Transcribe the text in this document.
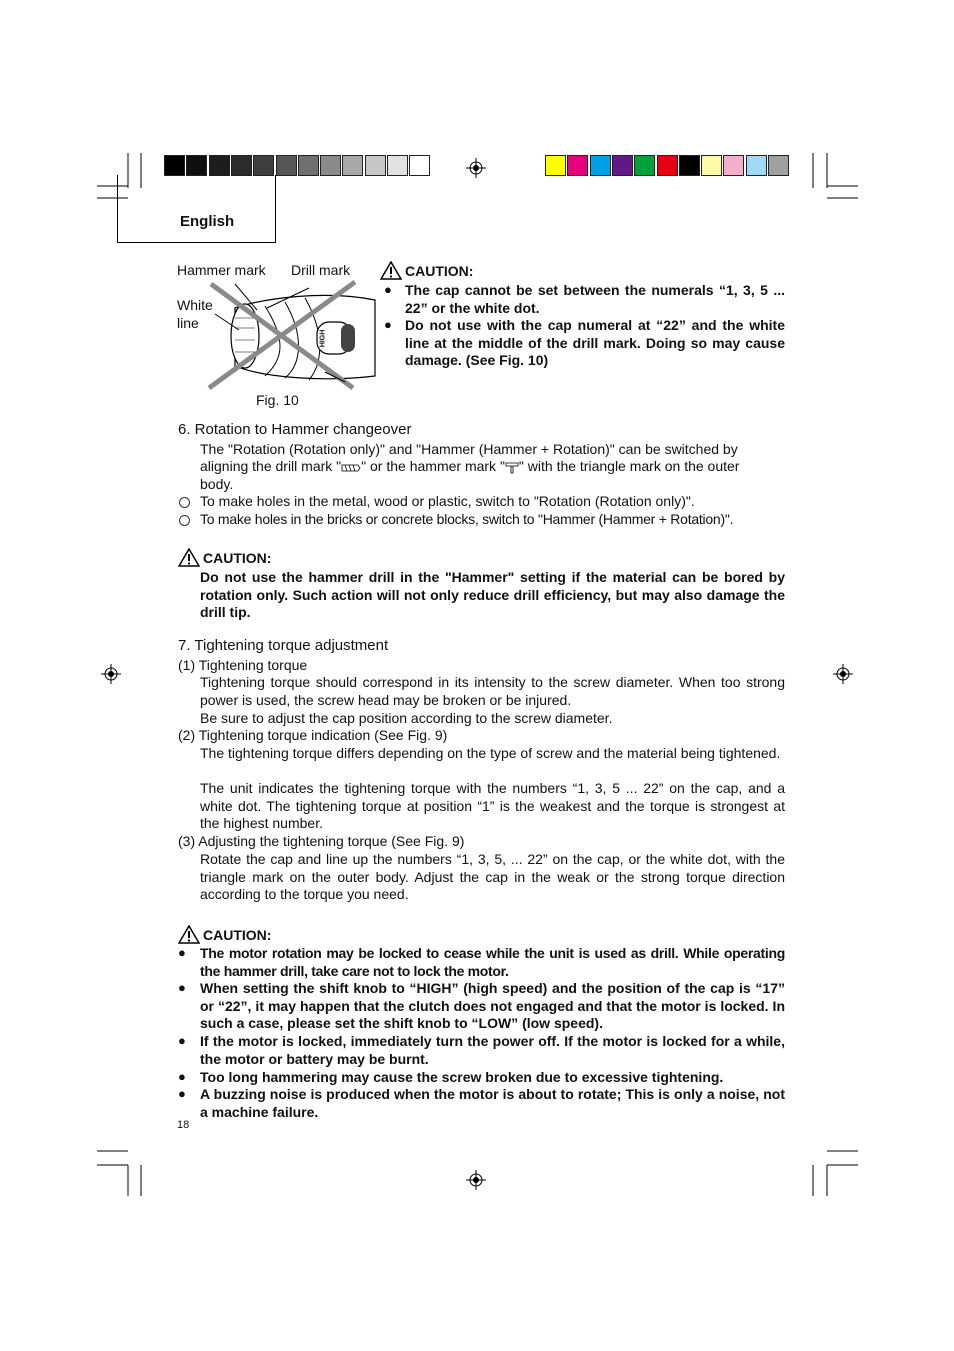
English
Hammer mark Drill mark
White
line
HIGH
Fig. 10
CAUTION:
● The cap cannot be set between the numerals “1, 3, 5 ... 22” or the white dot.
● Do not use with the cap numeral at “22” and the white line at the middle of the drill mark. Doing so may cause damage. (See Fig. 10)
6. Rotation to Hammer changeover
The "Rotation (Rotation only)" and "Hammer (Hammer + Rotation)" can be switched by
aligning the drill mark " " or the hammer mark " " with the triangle mark on the outer
body.
To make holes in the metal, wood or plastic, switch to "Rotation (Rotation only)".
To make holes in the bricks or concrete blocks, switch to "Hammer (Hammer + Rotation)".
CAUTION:
Do not use the hammer drill in the "Hammer" setting if the material can be bored by rotation only. Such action will not only reduce drill efficiency, but may also damage the drill tip.
7. Tightening torque adjustment
(1) Tightening torque
Tightening torque should correspond in its intensity to the screw diameter. When too strong power is used, the screw head may be broken or be injured.
Be sure to adjust the cap position according to the screw diameter.
(2) Tightening torque indication (See Fig. 9)
The tightening torque differs depending on the type of screw and the material being tightened.
The unit indicates the tightening torque with the numbers “1, 3, 5 ... 22” on the cap, and a white dot. The tightening torque at position “1” is the weakest and the torque is strongest at the highest number.
(3) Adjusting the tightening torque (See Fig. 9)
Rotate the cap and line up the numbers “1, 3, 5, ... 22” on the cap, or the white dot, with the triangle mark on the outer body. Adjust the cap in the weak or the strong torque direction according to the torque you need.
CAUTION:
● The motor rotation may be locked to cease while the unit is used as drill. While operating the hammer drill, take care not to lock the motor.
● When setting the shift knob to “HIGH” (high speed) and the position of the cap is “17” or “22”, it may happen that the clutch does not engaged and that the motor is locked. In such a case, please set the shift knob to “LOW” (low speed).
● If the motor is locked, immediately turn the power off. If the motor is locked for a while, the motor or battery may be burnt.
● Too long hammering may cause the screw broken due to excessive tightening.
● A buzzing noise is produced when the motor is about to rotate; This is only a noise, not a machine failure.
18
